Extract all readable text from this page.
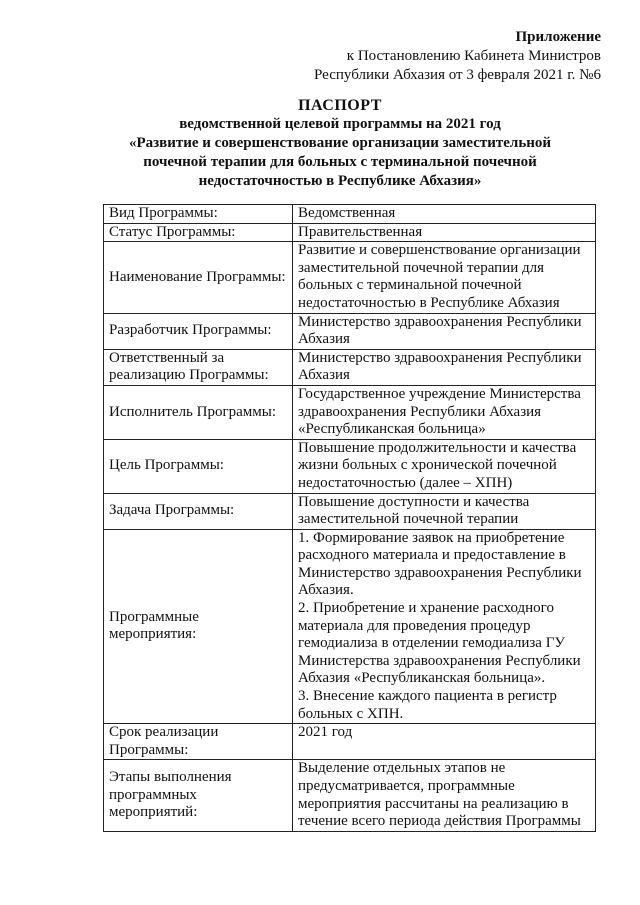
Приложение
к Постановлению Кабинета Министров
Республики Абхазия от 3 февраля 2021 г. №6
ПАСПОРТ
ведомственной целевой программы на 2021 год
«Развитие и совершенствование организации заместительной
почечной терапии для больных с терминальной почечной
недостаточностью в Республике Абхазия»
Вид Программы:	Ведомственная
Статус Программы:	Правительственная
Наименование Программы:	Развитие и совершенствование организации заместительной почечной терапии для больных с терминальной почечной недостаточностью в Республике Абхазия
Разработчик Программы:	Министерство здравоохранения Республики Абхазия
Ответственный за реализацию Программы:	Министерство здравоохранения Республики Абхазия
Исполнитель Программы:	Государственное учреждение Министерства здравоохранения Республики Абхазия «Республиканская больница»
Цель Программы:	Повышение продолжительности и качества жизни больных с хронической почечной недостаточностью (далее – ХПН)
Задача Программы:	Повышение доступности и качества заместительной почечной терапии
Программные мероприятия:	1. Формирование заявок на приобретение расходного материала и предоставление в Министерство здравоохранения Республики Абхазия.
2. Приобретение и хранение расходного материала для проведения процедур гемодиализа в отделении гемодиализа ГУ Министерства здравоохранения Республики Абхазия «Республиканская больница».
3. Внесение каждого пациента в регистр больных с ХПН.

Срок реализации Программы:	2021 год
Этапы выполнения программных мероприятий:	Выделение отдельных этапов не предусматривается, программные мероприятия рассчитаны на реализацию в течение всего периода действия Программы
